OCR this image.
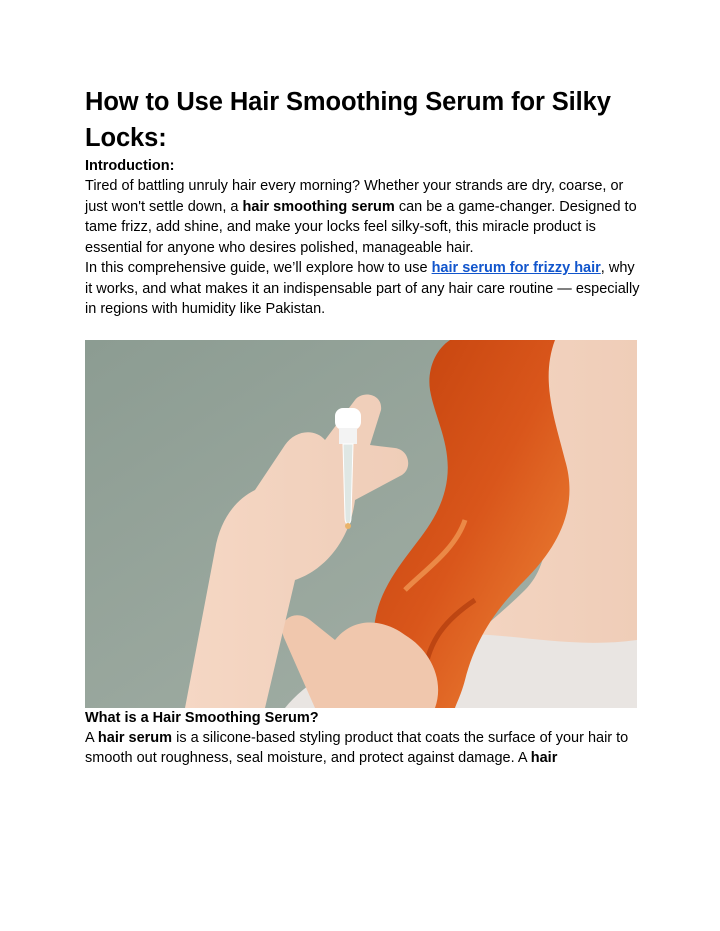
How to Use Hair Smoothing Serum for Silky Locks:
Introduction:

Tired of battling unruly hair every morning? Whether your strands are dry, coarse, or just won't settle down, a hair smoothing serum can be a game-changer. Designed to tame frizz, add shine, and make your locks feel silky-soft, this miracle product is essential for anyone who desires polished, manageable hair.

In this comprehensive guide, we’ll explore how to use hair serum for frizzy hair, why it works, and what makes it an indispensable part of any hair care routine — especially in regions with humidity like Pakistan.

What is a Hair Smoothing Serum?

A hair serum is a silicone-based styling product that coats the surface of your hair to smooth out roughness, seal moisture, and protect against damage. A hair
